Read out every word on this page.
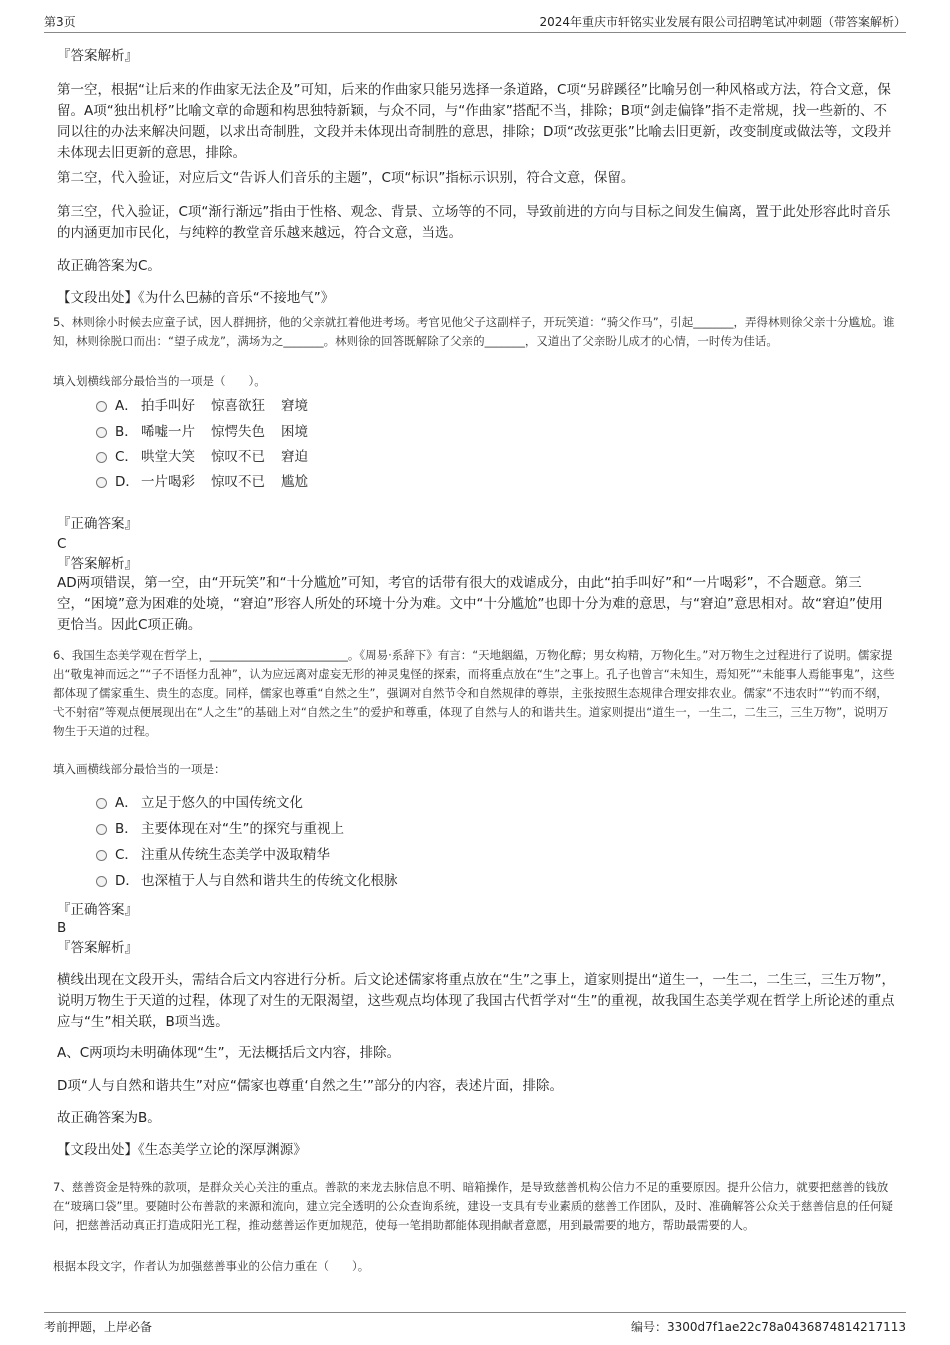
第3页	2024年重庆市轩铭实业发展有限公司招聘笔试冲刺题（带答案解析）

『答案解析』

第一空，根据“让后来的作曲家无法企及”可知，后来的作曲家只能另选择一条道路，C项“另辟蹊径”比喻另创一种风格或方法，符合文意，保留。A项“独出机杼”比喻文章的命题和构思独特新颖，与众不同，与“作曲家”搭配不当，排除；B项“剑走偏锋”指不走常规，找一些新的、不同以往的办法来解决问题，以求出奇制胜，文段并未体现出奇制胜的意思，排除；D项“改弦更张”比喻去旧更新，改变制度或做法等，文段并未体现去旧更新的意思，排除。

第二空，代入验证，对应后文“告诉人们音乐的主题”，C项“标识”指标示识别，符合文意，保留。

第三空，代入验证，C项“渐行渐远”指由于性格、观念、背景、立场等的不同，导致前进的方向与目标之间发生偏离，置于此处形容此时音乐的内涵更加市民化，与纯粹的教堂音乐越来越远，符合文意，当选。

故正确答案为C。

【文段出处】《为什么巴赫的音乐“不接地气”》

5、林则徐小时候去应童子试，因人群拥挤，他的父亲就扛着他进考场。考官见他父子这副样子，开玩笑道：“骑父作马”，引起_______，弄得林则徐父亲十分尴尬。谁知，林则徐脱口而出：“望子成龙”，满场为之_______。林则徐的回答既解除了父亲的_______，又道出了父亲盼儿成才的心情，一时传为佳话。

填入划横线部分最恰当的一项是（　　）。

A． 拍手叫好 惊喜欲狂 窘境
B． 唏嘘一片 惊愕失色 困境
C． 哄堂大笑 惊叹不已 窘迫
D． 一片喝彩 惊叹不已 尴尬

『正确答案』

C

『答案解析』

AD两项错误，第一空，由“开玩笑”和“十分尴尬”可知，考官的话带有很大的戏谑成分，由此“拍手叫好”和“一片喝彩”，不合题意。第三空，“困境”意为困难的处境，“窘迫”形容人所处的环境十分为难。文中“十分尴尬”也即十分为难的意思，与“窘迫”意思相对。故“窘迫”使用更恰当。因此C项正确。

6、我国生态美学观在哲学上，________________________。《周易·系辞下》有言：“天地絪緼，万物化醇；男女构精，万物化生。”对万物生之过程进行了说明。儒家提出“敬鬼神而远之”“子不语怪力乱神”，认为应远离对虚妄无形的神灵鬼怪的探索，而将重点放在“生”之事上。孔子也曾言“未知生，焉知死”“未能事人焉能事鬼”，这些都体现了儒家重生、贵生的态度。同样，儒家也尊重“自然之生”，强调对自然节令和自然规律的尊崇，主张按照生态规律合理安排农业。儒家“不违农时”“钓而不纲，弋不射宿”等观点便展现出在“人之生”的基础上对“自然之生”的爱护和尊重，体现了自然与人的和谐共生。道家则提出“道生一，一生二，二生三，三生万物”，说明万物生于天道的过程。

填入画横线部分最恰当的一项是：

A． 立足于悠久的中国传统文化
B． 主要体现在对“生”的探究与重视上
C． 注重从传统生态美学中汲取精华
D． 也深植于人与自然和谐共生的传统文化根脉

『正确答案』

B

『答案解析』

横线出现在文段开头，需结合后文内容进行分析。后文论述儒家将重点放在“生”之事上，道家则提出“道生一，一生二，二生三，三生万物”，说明万物生于天道的过程，体现了对生的无限渴望，这些观点均体现了我国古代哲学对“生”的重视，故我国生态美学观在哲学上所论述的重点应与“生”相关联，B项当选。

A、C两项均未明确体现“生”，无法概括后文内容，排除。

D项“人与自然和谐共生”对应“儒家也尊重‘自然之生’”部分的内容，表述片面，排除。

故正确答案为B。

【文段出处】《生态美学立论的深厚渊源》

7、慈善资金是特殊的款项，是群众关心关注的重点。善款的来龙去脉信息不明、暗箱操作，是导致慈善机构公信力不足的重要原因。提升公信力，就要把慈善的钱放在“玻璃口袋”里。要随时公布善款的来源和流向，建立完全透明的公众查询系统，建设一支具有专业素质的慈善工作团队，及时、准确解答公众关于慈善信息的任何疑问，把慈善活动真正打造成阳光工程，推动慈善运作更加规范，使每一笔捐助都能体现捐献者意愿，用到最需要的地方，帮助最需要的人。

根据本段文字，作者认为加强慈善事业的公信力重在（　　）。

考前押题，上岸必备	编号：3300d7f1ae22c78a0436874814217113
